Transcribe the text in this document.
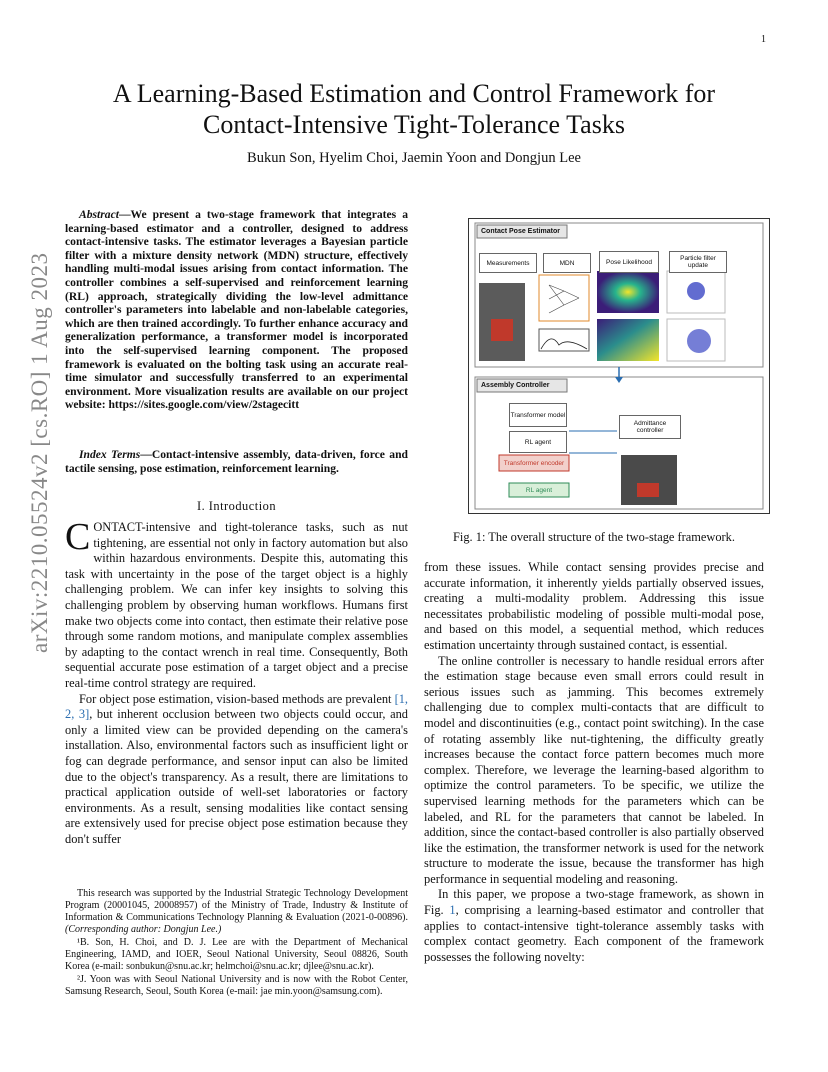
1
arXiv:2210.05524v2 [cs.RO] 1 Aug 2023
A Learning-Based Estimation and Control Framework for
Contact-Intensive Tight-Tolerance Tasks
Bukun Son, Hyelim Choi, Jaemin Yoon and Dongjun Lee

Abstract—We present a two-stage framework that integrates a learning-based estimator and a controller, designed to address contact-intensive tasks. The estimator leverages a Bayesian particle filter with a mixture density network (MDN) structure, effectively handling multi-modal issues arising from contact information. The controller combines a self-supervised and reinforcement learning (RL) approach, strategically dividing the low-level admittance controller's parameters into labelable and non-labelable categories, which are then trained accordingly. To further enhance accuracy and generalization performance, a transformer model is incorporated into the self-supervised learning component. The proposed framework is evaluated on the bolting task using an accurate real-time simulator and successfully transferred to an experimental environment. More visualization results are available on our project website: https://sites.google.com/view/2stagecitt

Index Terms—Contact-intensive assembly, data-driven, force and tactile sensing, pose estimation, reinforcement learning.

I. Introduction

CONTACT-intensive and tight-tolerance tasks, such as nut tightening, are essential not only in factory automation but also within hazardous environments. Despite this, automating this task with uncertainty in the pose of the target object is a highly challenging problem. We can infer key insights to solving this challenging problem by observing human workflows. Humans first make two objects come into contact, then estimate their relative pose through some random motions, and manipulate complex assemblies by adapting to the contact wrench in real time. Consequently, Both sequential accurate pose estimation of a target object and a precise real-time control strategy are required.

For object pose estimation, vision-based methods are prevalent [1, 2, 3], but inherent occlusion between two objects could occur, and only a limited view can be provided depending on the camera's installation. Also, environmental factors such as insufficient light or fog can degrade performance, and sensor input can also be limited due to the object's transparency. As a result, there are limitations to practical application outside of well-set laboratories or factory environments. As a result, sensing modalities like contact sensing are extensively used for precise object pose estimation because they don't suffer

This research was supported by the Industrial Strategic Technology Development Program (20001045, 20008957) of the Ministry of Trade, Industry & Institute of Information & Communications Technology Planning & Evaluation (2021-0-00896). (Corresponding author: Dongjun Lee.)

¹B. Son, H. Choi, and D. J. Lee are with the Department of Mechanical Engineering, IAMD, and IOER, Seoul National University, Seoul 08826, South Korea (e-mail: sonbukun@snu.ac.kr; helmchoi@snu.ac.kr; djlee@snu.ac.kr).

²J. Yoon was with Seoul National University and is now with the Robot Center, Samsung Research, Seoul, South Korea (e-mail: jae min.yoon@samsung.com).

Contact Pose Estimator
Measurements	MDN	Pose Likelihood	Particle filter update
Assembly Controller
Transformer model
RL agent
Admittance controller
Transformer encoder
RL agent
Fig. 1: The overall structure of the two-stage framework.

from these issues. While contact sensing provides precise and accurate information, it inherently yields partially observed issues, creating a multi-modality problem. Addressing this issue necessitates probabilistic modeling of possible multi-modal pose, and based on this model, a sequential method, which reduces estimation uncertainty through sustained contact, is essential.

The online controller is necessary to handle residual errors after the estimation stage because even small errors could result in serious issues such as jamming. This becomes extremely challenging due to complex multi-contacts that are difficult to model and discontinuities (e.g., contact point switching). In the case of rotating assembly like nut-tightening, the difficulty greatly increases because the contact force pattern becomes much more complex. Therefore, we leverage the learning-based algorithm to optimize the control parameters. To be specific, we utilize the supervised learning methods for the parameters which can be labeled, and RL for the parameters that cannot be labeled. In addition, since the contact-based controller is also partially observed like the estimation, the transformer network is used for the network structure to moderate the issue, because the transformer has high performance in sequential modeling and reasoning.

In this paper, we propose a two-stage framework, as shown in Fig. 1, comprising a learning-based estimator and controller that applies to contact-intensive tight-tolerance assembly tasks with complex contact geometry. Each component of the framework possesses the following novelty:
